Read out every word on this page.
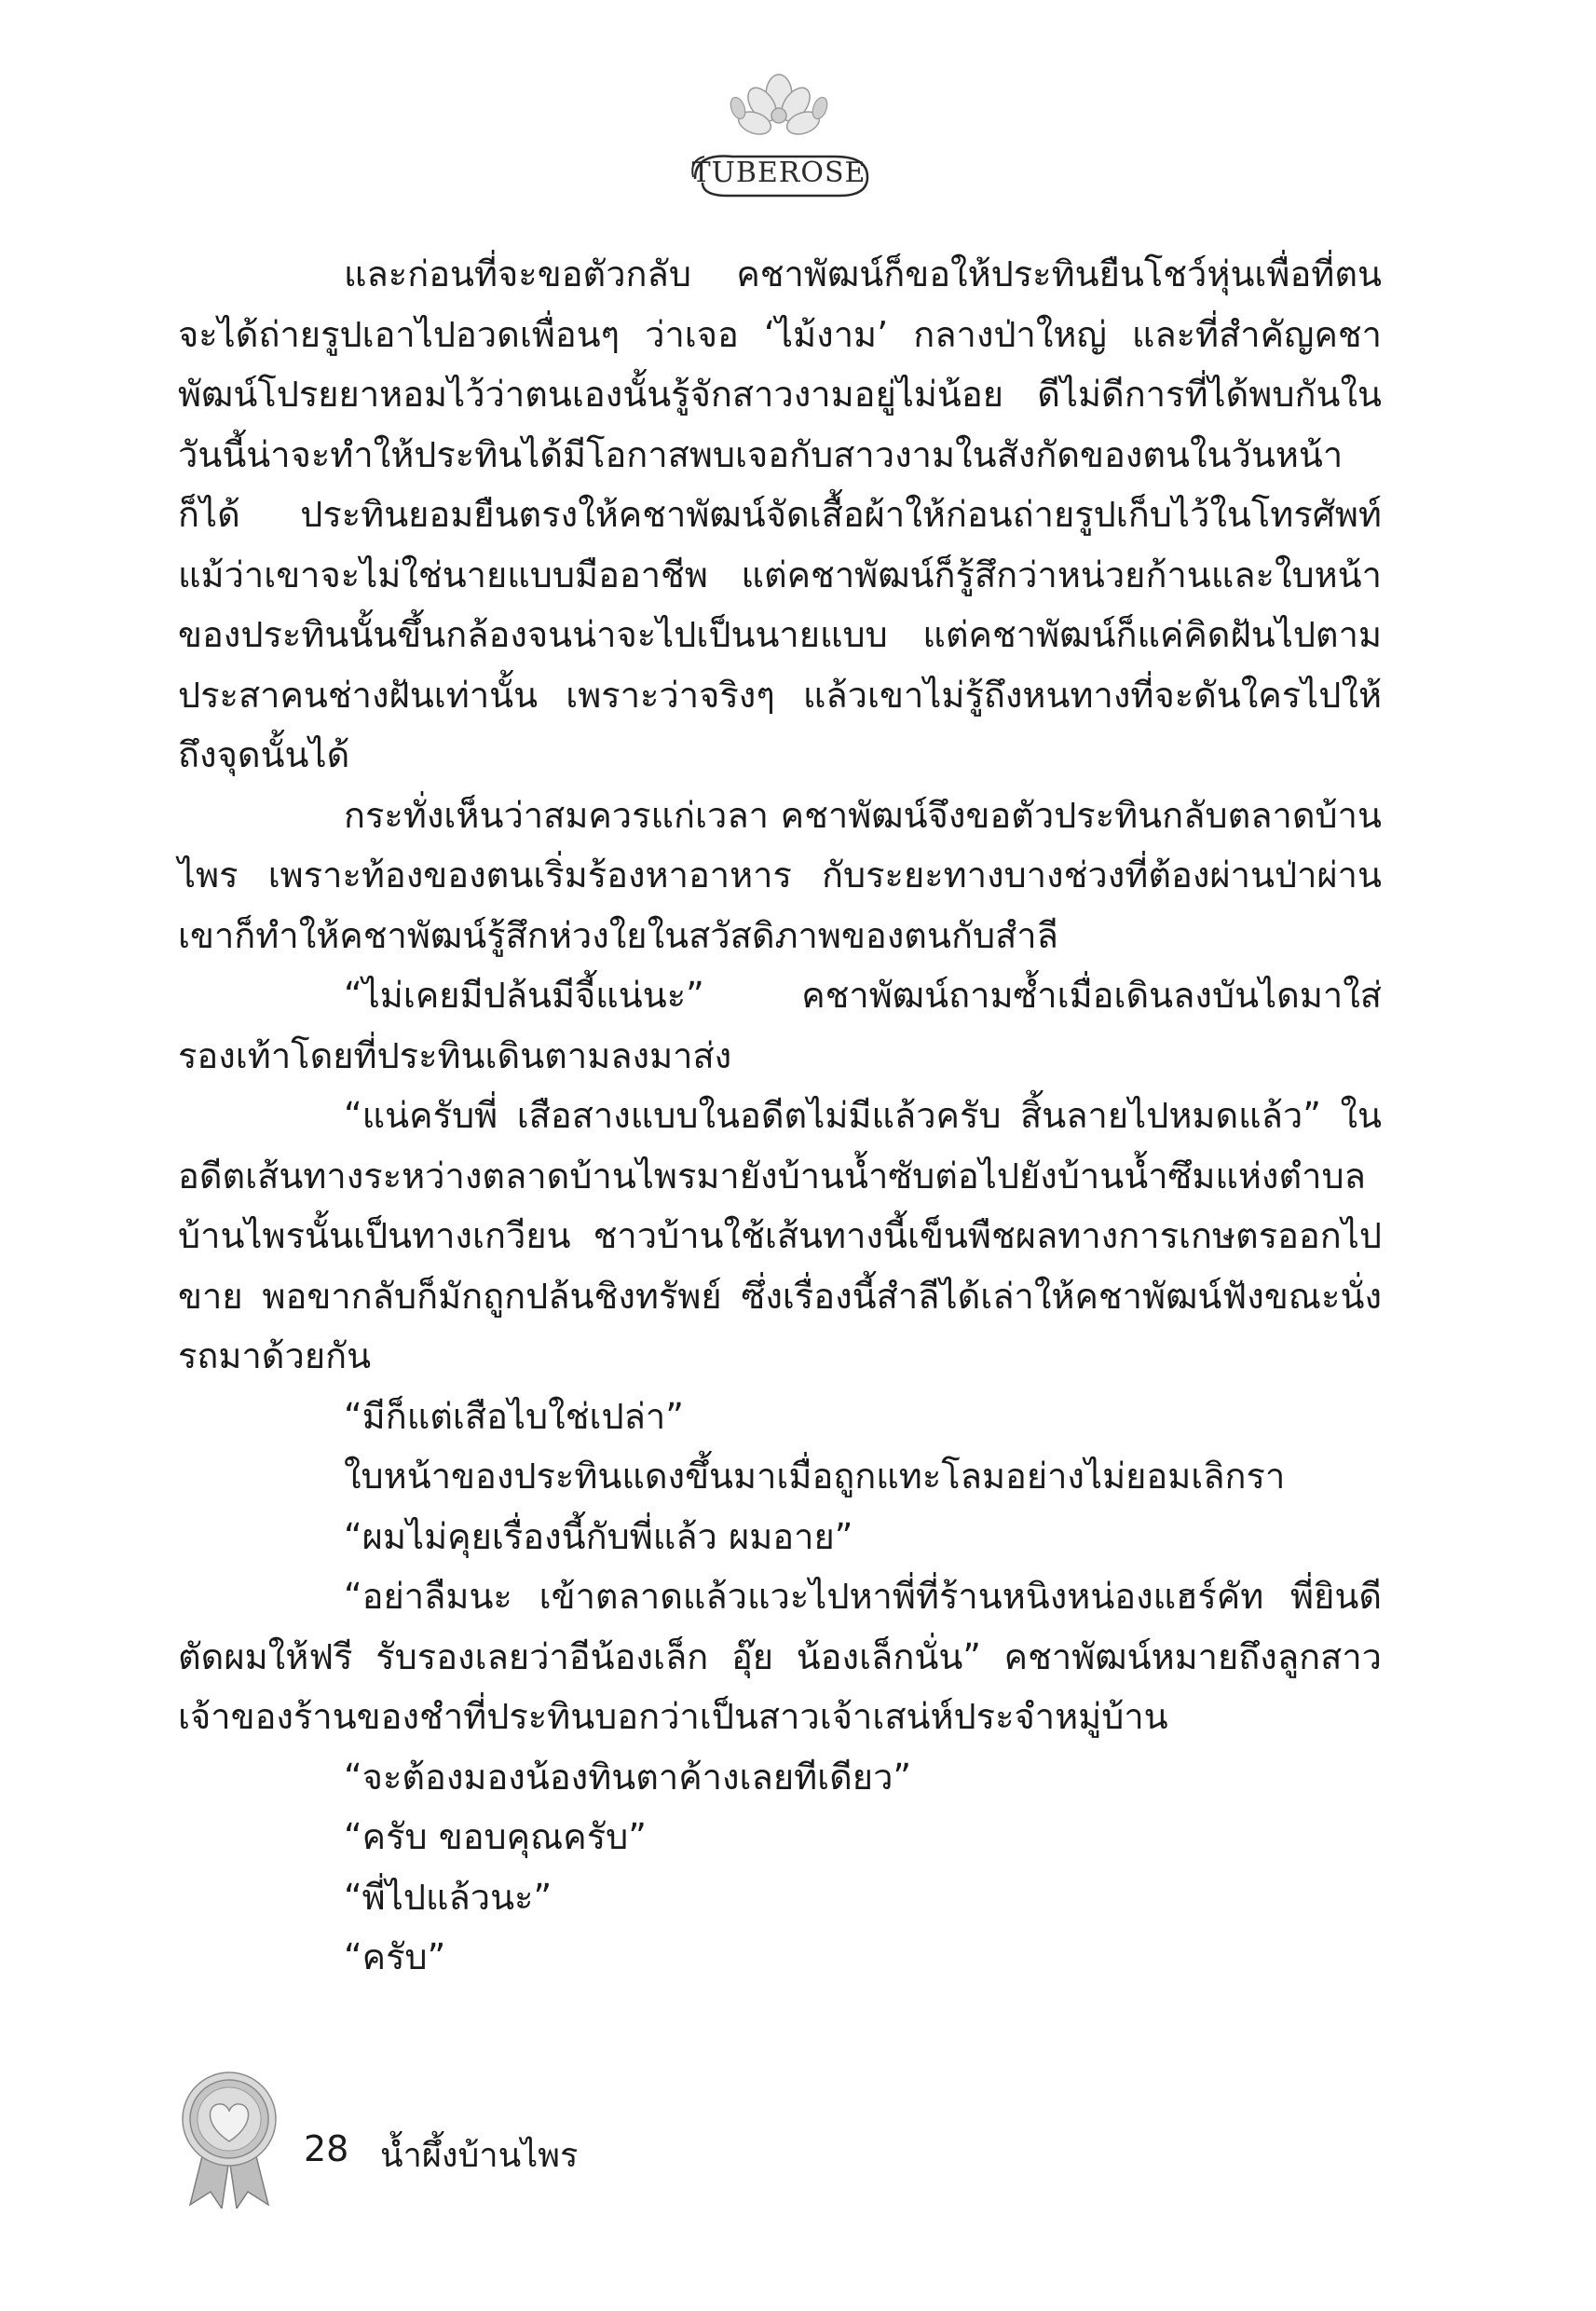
TUBEROSE

และก่อนที่จะขอตัวกลับ คชาพัฒน์ก็ขอให้ประทินยืนโชว์หุ่นเพื่อที่ตนจะได้ถ่ายรูปเอาไปอวดเพื่อนๆ ว่าเจอ ‘ไม้งาม’ กลางป่าใหญ่ และที่สำคัญคชาพัฒน์โปรยยาหอมไว้ว่าตนเองนั้นรู้จักสาวงามอยู่ไม่น้อย ดีไม่ดีการที่ได้พบกันในวันนี้น่าจะทำให้ประทินได้มีโอกาสพบเจอกับสาวงามในสังกัดของตนในวันหน้าก็ได้ ประทินยอมยืนตรงให้คชาพัฒน์จัดเสื้อผ้าให้ก่อนถ่ายรูปเก็บไว้ในโทรศัพท์ แม้ว่าเขาจะไม่ใช่นายแบบมืออาชีพ แต่คชาพัฒน์ก็รู้สึกว่าหน่วยก้านและใบหน้าของประทินนั้นขึ้นกล้องจนน่าจะไปเป็นนายแบบ แต่คชาพัฒน์ก็แค่คิดฝันไปตามประสาคนช่างฝันเท่านั้น เพราะว่าจริงๆ แล้วเขาไม่รู้ถึงหนทางที่จะดันใครไปให้ถึงจุดนั้นได้

กระทั่งเห็นว่าสมควรแก่เวลา คชาพัฒน์จึงขอตัวประทินกลับตลาดบ้านไพร เพราะท้องของตนเริ่มร้องหาอาหาร กับระยะทางบางช่วงที่ต้องผ่านป่าผ่านเขาก็ทำให้คชาพัฒน์รู้สึกห่วงใยในสวัสดิภาพของตนกับสำลี

“ไม่เคยมีปล้นมีจี้แน่นะ” คชาพัฒน์ถามซ้ำเมื่อเดินลงบันไดมาใส่รองเท้าโดยที่ประทินเดินตามลงมาส่ง

“แน่ครับพี่ เสือสางแบบในอดีตไม่มีแล้วครับ สิ้นลายไปหมดแล้ว” ในอดีตเส้นทางระหว่างตลาดบ้านไพรมายังบ้านน้ำซับต่อไปยังบ้านน้ำซึมแห่งตำบลบ้านไพรนั้นเป็นทางเกวียน ชาวบ้านใช้เส้นทางนี้เข็นพืชผลทางการเกษตรออกไปขาย พอขากลับก็มักถูกปล้นชิงทรัพย์ ซึ่งเรื่องนี้สำลีได้เล่าให้คชาพัฒน์ฟังขณะนั่งรถมาด้วยกัน

“มีก็แต่เสือไบใช่เปล่า”

ใบหน้าของประทินแดงขึ้นมาเมื่อถูกแทะโลมอย่างไม่ยอมเลิกรา

“ผมไม่คุยเรื่องนี้กับพี่แล้ว ผมอาย”

“อย่าลืมนะ เข้าตลาดแล้วแวะไปหาพี่ที่ร้านหนิงหน่องแฮร์คัท พี่ยินดีตัดผมให้ฟรี รับรองเลยว่าอีน้องเล็ก อุ๊ย น้องเล็กนั่น” คชาพัฒน์หมายถึงลูกสาวเจ้าของร้านของชำที่ประทินบอกว่าเป็นสาวเจ้าเสน่ห์ประจำหมู่บ้าน

“จะต้องมองน้องทินตาค้างเลยทีเดียว”

“ครับ ขอบคุณครับ”

“พี่ไปแล้วนะ”

“ครับ”

28 น้ำผึ้งบ้านไพร
